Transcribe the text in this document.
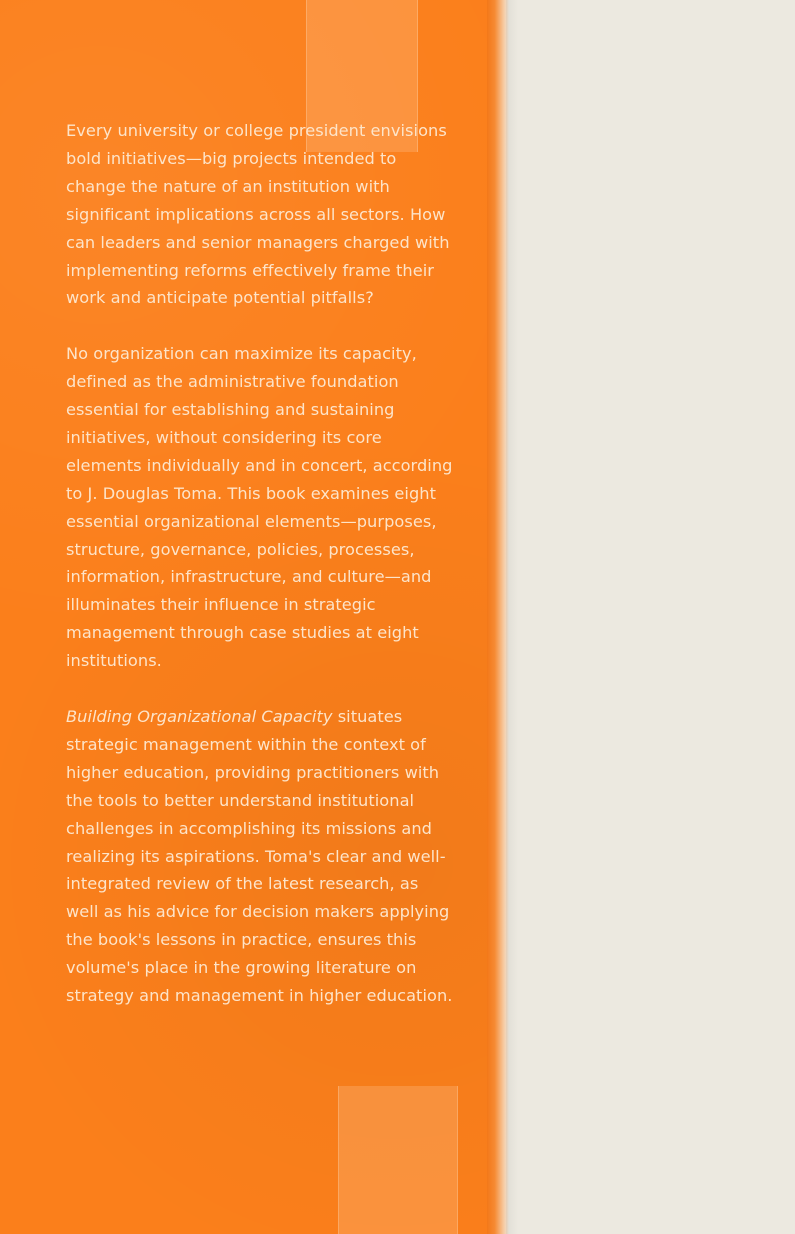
Every university or college president envisions bold initiatives—big projects intended to change the nature of an institution with significant implications across all sectors. How can leaders and senior managers charged with implementing reforms effectively frame their work and anticipate potential pitfalls?

No organization can maximize its capacity, defined as the administrative foundation essential for establishing and sustaining initiatives, without considering its core elements individually and in concert, according to J. Douglas Toma. This book examines eight essential organizational elements—purposes, structure, governance, policies, processes, information, infrastructure, and culture—and illuminates their influence in strategic management through case studies at eight institutions.

Building Organizational Capacity situates strategic management within the context of higher education, providing practitioners with the tools to better understand institutional challenges in accomplishing its missions and realizing its aspirations. Toma's clear and well-integrated review of the latest research, as well as his advice for decision makers applying the book's lessons in practice, ensures this volume's place in the growing literature on strategy and management in higher education.
